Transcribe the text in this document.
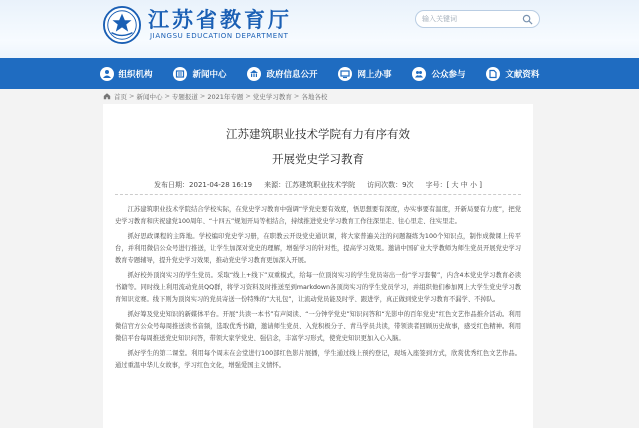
江苏省教育厅
JIANGSU EDUCATION DEPARTMENT
输入关键词
组织机构	新闻中心	政府信息公开	网上办事	公众参与	文献资料
首页 > 新闻中心 > 专题报道 > 2021年专题 > 党史学习教育 > 各地各校
江苏建筑职业技术学院有力有序有效
开展党史学习教育
发布日期：2021-04-28 16:19 来源：江苏建筑职业技术学院 访问次数：9次 字号：[ 大 中 小 ]

江苏建筑职业技术学院结合学校实际，在党史学习教育中强调“学党史要有效度，悟思想要有深度，办实事要有温度，开新局要有力度”，把党史学习教育和庆祝建党100周年、“十四五”规划开局等相结合，持续推进党史学习教育工作往深里走、往心里走、往实里走。

抓好思政课程的主阵地。学校编印党史学习册，在职教云开设党史通识课，将大家普遍关注的问题凝练为100个知识点，制作成微课上传平台，并利用微信公众号进行推送，让学生加深对党史的理解，增强学习的针对性，提高学习效果。邀请中国矿业大学教师为师生党员开展党史学习教育专题辅导，提升党史学习效果，推动党史学习教育更加深入开展。

抓好校外顶岗实习的学生党员。采取“线上+线下”双重模式，给每一位顶岗实习的学生党员寄出一份“学习套餐”，内含4本党史学习教育必读书籍等。同时线上利用流动党员QQ群，将学习资料及时推送至到markdown各顶岗实习的学生党员学习，并组织他们参加网上大学生党史学习教育知识竞赛。线下则为顶岗实习的党员寄送一份特殊的“大礼包”，让流动党员能及时学、跟进学，真正做到党史学习教育不漏学、不掉队。

抓好筹及党史知识的新媒体平台。开展“共读一本书”有声阅读、“一分钟学党史”知识问答和“光影中的百年党史”红色文艺作品推介活动。利用微信官方公众号每周推送读书音频，选取优秀书籍，邀请师生党员、入党积极分子、青马学员共读，带领读者回顾历史故事，感受红色精神。利用微信平台每周推送党史知识问答，带领大家学党史、强信念，丰富学习形式，使党史知识更加入心入脑。

抓好学生的第二课堂。利用每个周末在会堂进行100部红色影片展播，学生通过线上预约登记，现场入座签到方式，欣赏优秀红色文艺作品。通过重温中华儿女故事，学习红色文化，增强爱国主义情怀。
